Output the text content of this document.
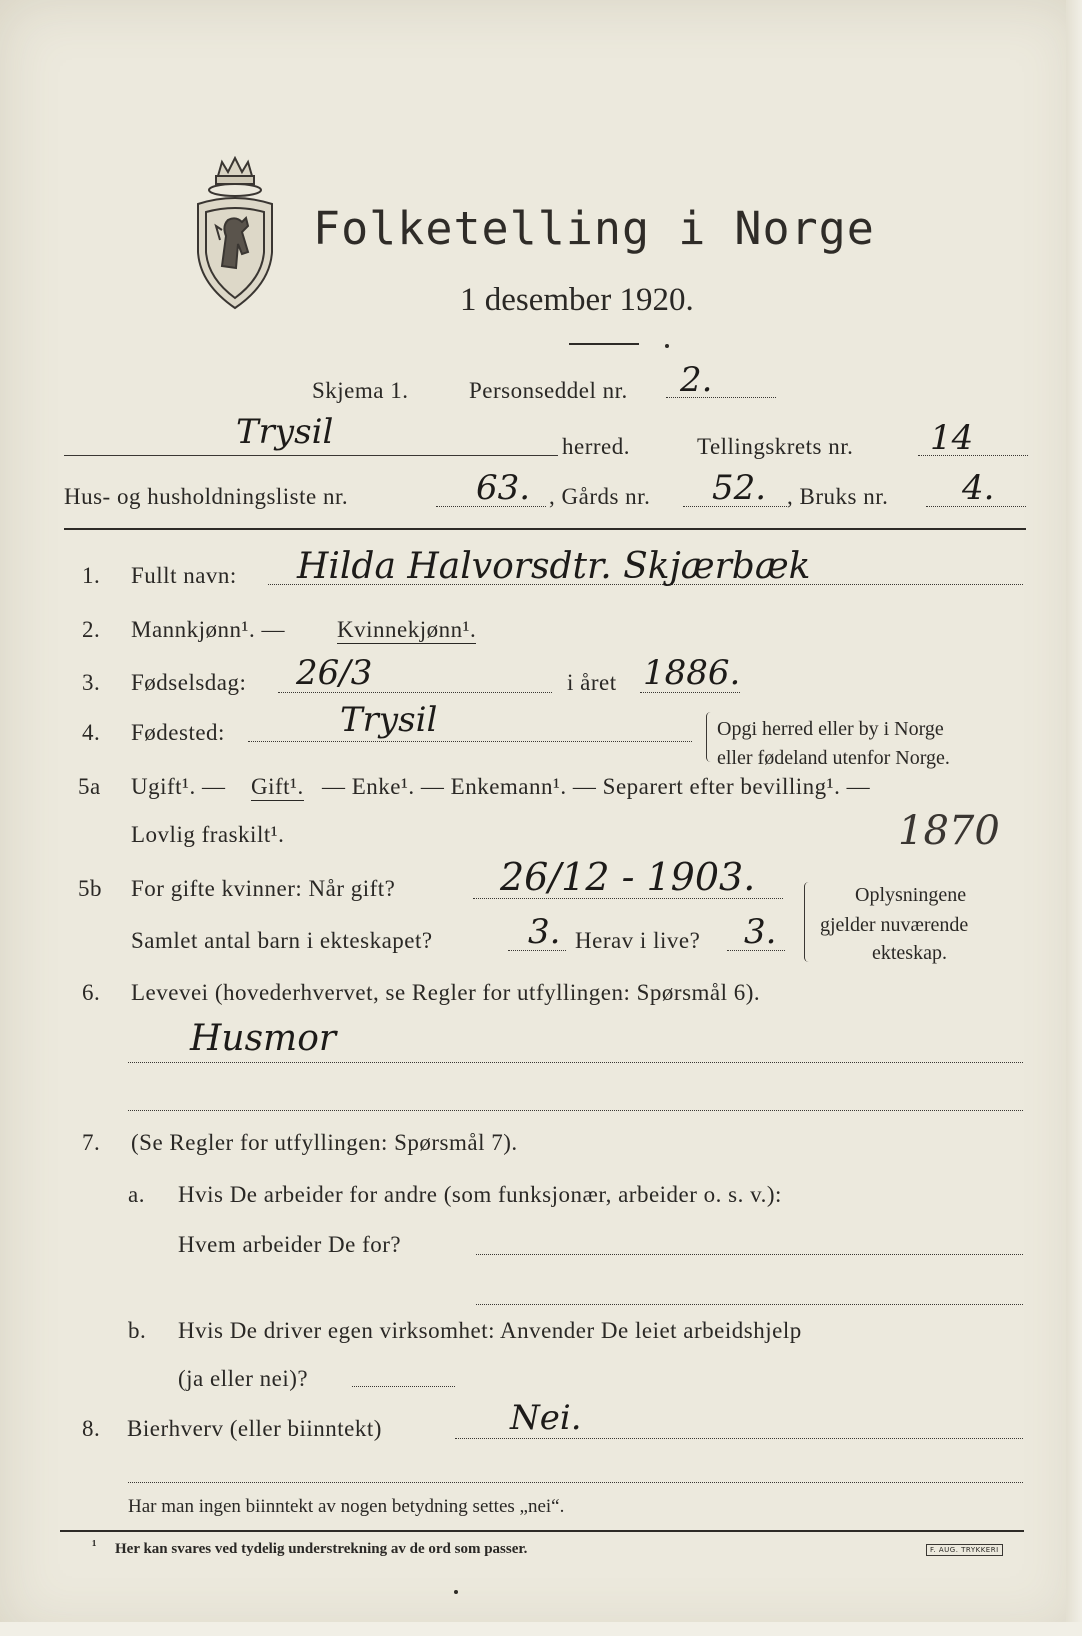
Folketelling i Norge
1 desember 1920.
Skjema 1.	Personseddel nr. 2.
Trysil	herred.	Tellingskrets nr. 14
Hus- og husholdningsliste nr.	63. , Gårds nr. 52. , Bruks nr. 4.
1. Fullt navn: Hilda Halvorsdtr. Skjærbæk
2. Mannkjønn¹. — Kvinnekjønn¹.
3. Fødselsdag: 26/3	i året 1886.
4. Fødested:	Trysil	Opgi herred eller by i Norge
eller fødeland utenfor Norge.
5a Ugift¹. — Gift¹. — Enke¹. — Enkemann¹. — Separert efter bevilling¹. —
Lovlig fraskilt¹.	1870
5b For gifte kvinner: Når gift?	26/12 - 1903.
Samlet antal barn i ekteskapet?	3. Herav i live? 3.
Oplysningene
gjelder nuværende
ekteskap.
6. Levevei (hovederhvervet, se Regler for utfyllingen: Spørsmål 6).
Husmor
7. (Se Regler for utfyllingen: Spørsmål 7).
a. Hvis De arbeider for andre (som funksjonær, arbeider o. s. v.):
Hvem arbeider De for?
b. Hvis De driver egen virksomhet: Anvender De leiet arbeidshjelp
(ja eller nei)?
8. Bierhverv (eller biinntekt)	Nei.
Har man ingen biinntekt av nogen betydning settes „nei“.
¹ Her kan svares ved tydelig understrekning av de ord som passer.	F. AUG. TRYKKERI
